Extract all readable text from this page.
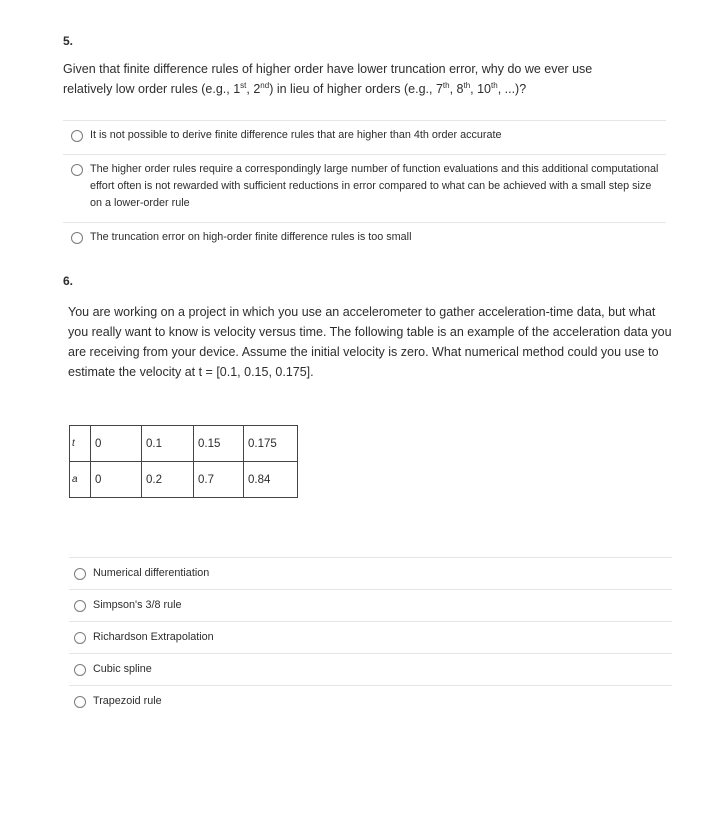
5.
Given that finite difference rules of higher order have lower truncation error, why do we ever use
relatively low order rules (e.g., 1st, 2nd) in lieu of higher orders (e.g., 7th, 8th, 10th, ...)?
It is not possible to derive finite difference rules that are higher than 4th order accurate
The higher order rules require a correspondingly large number of function evaluations and this additional computational effort often is not rewarded with sufficient reductions in error compared to what can be achieved with a small step size on a lower-order rule
The truncation error on high-order finite difference rules is too small
6.
You are working on a project in which you use an accelerometer to gather acceleration-time data, but what you really want to know is velocity versus time. The following table is an example of the acceleration data you are receiving from your device. Assume the initial velocity is zero. What numerical method could you use to estimate the velocity at t = [0.1, 0.15, 0.175].
t	0	0.1	0.15	0.175
a	0	0.2	0.7	0.84
Numerical differentiation
Simpson's 3/8 rule
Richardson Extrapolation
Cubic spline
Trapezoid rule
